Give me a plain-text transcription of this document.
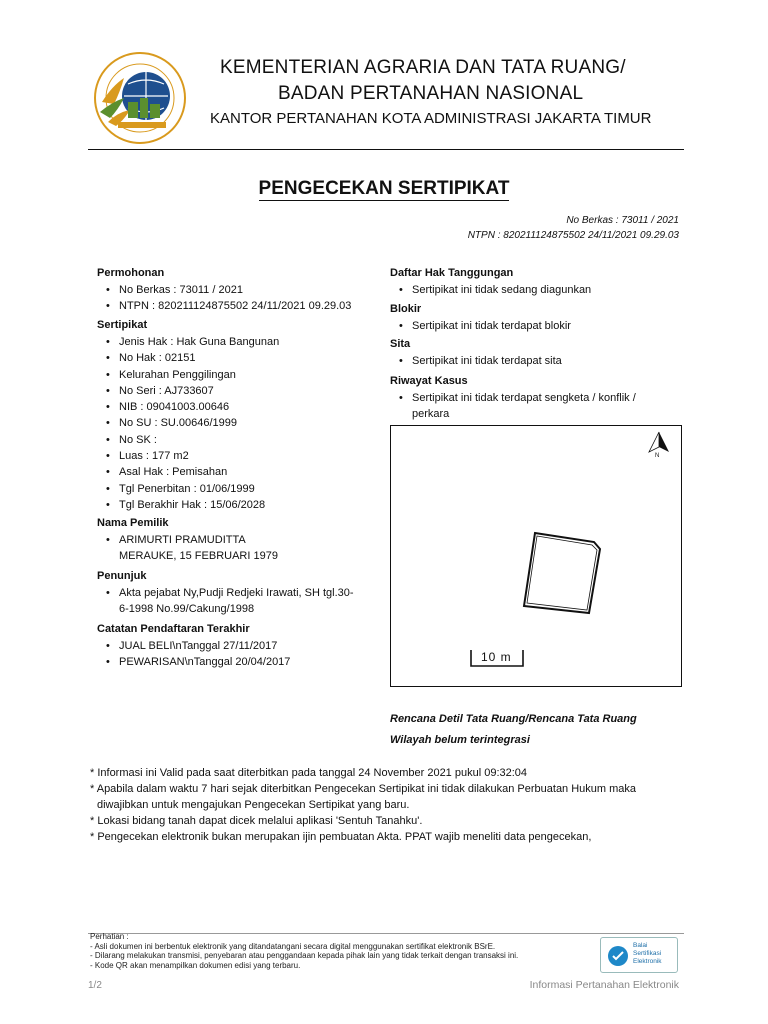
KEMENTERIAN AGRARIA DAN TATA RUANG/
BADAN PERTANAHAN NASIONAL
KANTOR PERTANAHAN KOTA ADMINISTRASI JAKARTA TIMUR
PENGECEKAN SERTIPIKAT
No Berkas : 73011 / 2021
NTPN : 820211124875502 24/11/2021 09.29.03
Permohonan
• No Berkas : 73011 / 2021
• NTPN : 820211124875502 24/11/2021 09.29.03
Sertipikat
• Jenis Hak : Hak Guna Bangunan
• No Hak : 02151
• Kelurahan Penggilingan
• No Seri : AJ733607
• NIB : 09041003.00646
• No SU : SU.00646/1999
• No SK :
• Luas : 177 m2
• Asal Hak : Pemisahan
• Tgl Penerbitan : 01/06/1999
• Tgl Berakhir Hak : 15/06/2028
Nama Pemilik
• ARIMURTI PRAMUDITTA
MERAUKE, 15 FEBRUARI 1979
Penunjuk
• Akta pejabat Ny,Pudji Redjeki Irawati, SH tgl.30-
6-1998 No.99/Cakung/1998
Catatan Pendaftaran Terakhir
• JUAL BELI\nTanggal 27/11/2017
• PEWARISAN\nTanggal 20/04/2017
Daftar Hak Tanggungan
• Sertipikat ini tidak sedang diagunkan
Blokir
• Sertipikat ini tidak terdapat blokir
Sita
• Sertipikat ini tidak terdapat sita
Riwayat Kasus
• Sertipikat ini tidak terdapat sengketa / konflik /
perkara
N
10 m
Rencana Detil Tata Ruang/Rencana Tata Ruang
Wilayah belum terintegrasi
* Informasi ini Valid pada saat diterbitkan pada tanggal 24 November 2021 pukul 09:32:04
* Apabila dalam waktu 7 hari sejak diterbitkan Pengecekan Sertipikat ini tidak dilakukan Perbuatan Hukum maka
diwajibkan untuk mengajukan Pengecekan Sertipikat yang baru.
* Lokasi bidang tanah dapat dicek melalui aplikasi 'Sentuh Tanahku'.
* Pengecekan elektronik bukan merupakan ijin pembuatan Akta. PPAT wajib meneliti data pengecekan,
Perhatian :
- Asli dokumen ini berbentuk elektronik yang ditandatangani secara digital menggunakan sertifikat elektronik BSrE.
- Dilarang melakukan transmisi, penyebaran atau penggandaan kepada pihak lain yang tidak terkait dengan transaksi ini.
- Kode QR akan menampilkan dokumen edisi yang terbaru.
Balai
Sertifikasi
Elektronik
1/2	Informasi Pertanahan Elektronik
